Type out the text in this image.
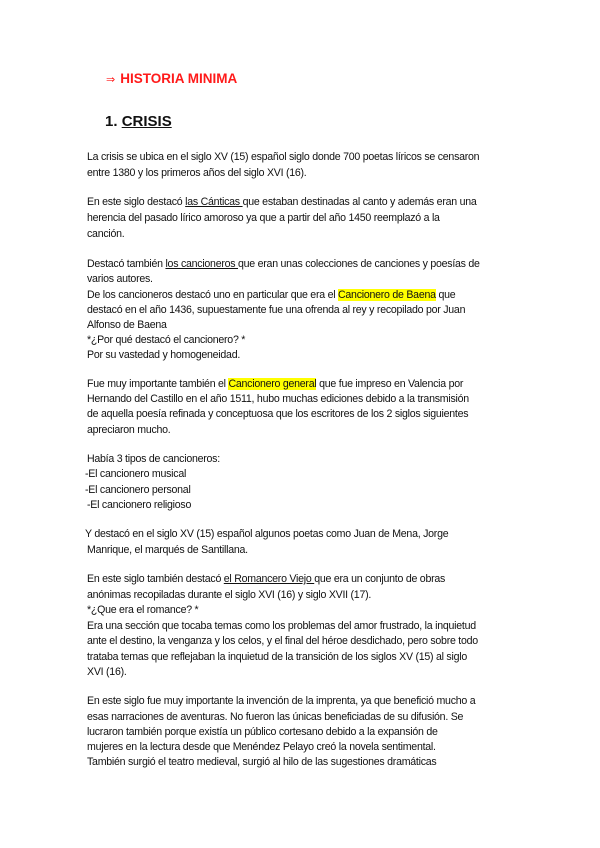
⇒ HISTORIA MINIMA
1. CRISIS
La crisis se ubica en el siglo XV (15) español siglo donde 700 poetas líricos se censaron
entre 1380 y los primeros años del siglo XVI (16).
En este siglo destacó las Cánticas que estaban destinadas al canto y además eran una
herencia del pasado lírico amoroso ya que a partir del año 1450 reemplazó a la
canción.
Destacó también los cancioneros que eran unas colecciones de canciones y poesías de
varios autores.
De los cancioneros destacó uno en particular que era el Cancionero de Baena que
destacó en el año 1436, supuestamente fue una ofrenda al rey y recopilado por Juan
Alfonso de Baena
*¿Por qué destacó el cancionero? *
Por su vastedad y homogeneidad.
Fue muy importante también el Cancionero general que fue impreso en Valencia por
Hernando del Castillo en el año 1511, hubo muchas ediciones debido a la transmisión
de aquella poesía refinada y conceptuosa que los escritores de los 2 siglos siguientes
apreciaron mucho.
Había 3 tipos de cancioneros:
-El cancionero musical
-El cancionero personal
-El cancionero religioso
Y destacó en el siglo XV (15) español algunos poetas como Juan de Mena, Jorge
Manrique, el marqués de Santillana.
En este siglo también destacó el Romancero Viejo que era un conjunto de obras
anónimas recopiladas durante el siglo XVI (16) y siglo XVII (17).
*¿Que era el romance? *
Era una sección que tocaba temas como los problemas del amor frustrado, la inquietud
ante el destino, la venganza y los celos, y el final del héroe desdichado, pero sobre todo
trataba temas que reflejaban la inquietud de la transición de los siglos XV (15) al siglo
XVI (16).
En este siglo fue muy importante la invención de la imprenta, ya que benefició mucho a
esas narraciones de aventuras. No fueron las únicas beneficiadas de su difusión. Se
lucraron también porque existía un público cortesano debido a la expansión de
mujeres en la lectura desde que Menéndez Pelayo creó la novela sentimental.
También surgió el teatro medieval, surgió al hilo de las sugestiones dramáticas
